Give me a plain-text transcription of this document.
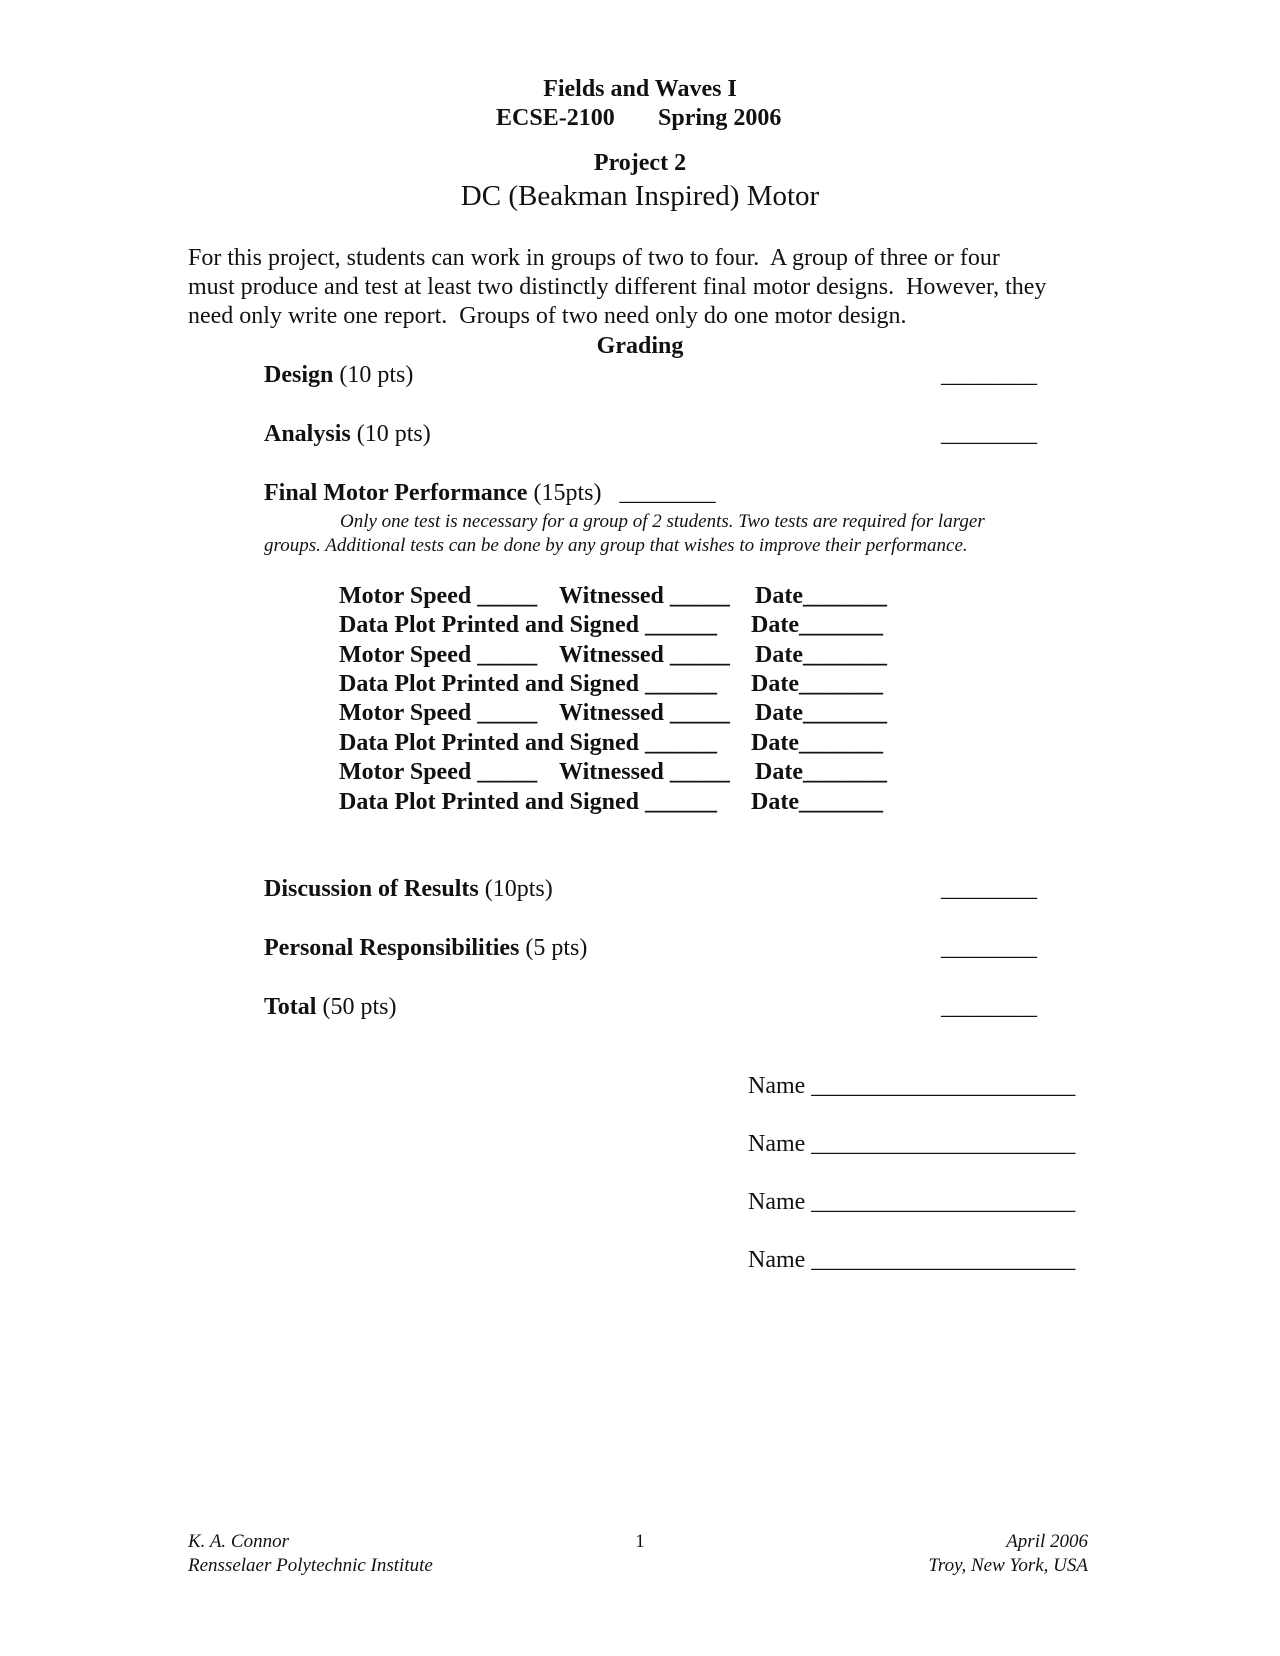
Fields and Waves I
ECSE-2100 Spring 2006
Project 2
DC (Beakman Inspired) Motor
For this project, students can work in groups of two to four.  A group of three or four
must produce and test at least two distinctly different final motor designs.  However, they
need only write one report.  Groups of two need only do one motor design.
Grading
Design (10 pts)	________
Analysis (10 pts)	________
Final Motor Performance (15pts) ________
Only one test is necessary for a group of 2 students. Two tests are required for larger
groups. Additional tests can be done by any group that wishes to improve their performance.
Motor Speed _____ Witnessed _____ Date_______
Data Plot Printed and Signed ______ Date_______
Motor Speed _____ Witnessed _____ Date_______
Data Plot Printed and Signed ______ Date_______
Motor Speed _____ Witnessed _____ Date_______
Data Plot Printed and Signed ______ Date_______
Motor Speed _____ Witnessed _____ Date_______
Data Plot Printed and Signed ______ Date_______
Discussion of Results (10pts)	________
Personal Responsibilities (5 pts)	________
Total (50 pts)	________
Name ______________________
Name ______________________
Name ______________________
Name ______________________
K. A. Connor
Rensselaer Polytechnic Institute
1	April 2006
Troy, New York, USA
